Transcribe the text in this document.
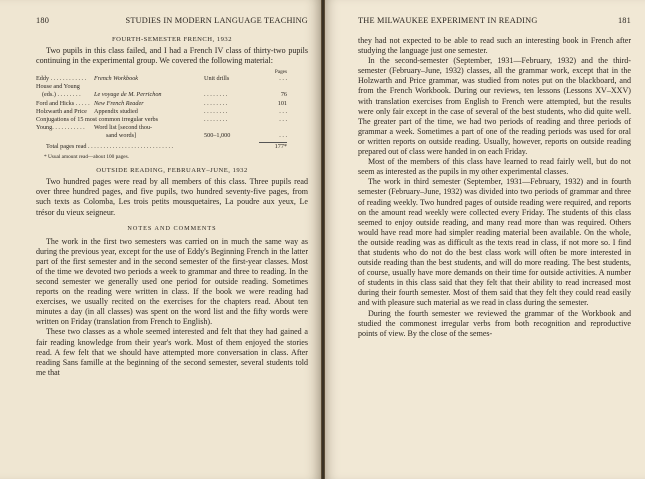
180	STUDIES IN MODERN LANGUAGE TEACHING
FOURTH-SEMESTER FRENCH, 1932

Two pupils in this class failed, and I had a French IV class of thirty-two pupils continuing in the experimental group. We covered the following material:

Pages
Eddy . . . . . . . . . . . .	French Workbook	Unit drills	. . .
House and Young
(eds.) . . . . . . . .	Le voyage de M. Perrichon	. . . . . . . .	76
Ford and Hicks . . . . . New French Reader	. . . . . . . .	101
Holzwarth and Price	Appendix studied	. . . . . . . .	. . .
Conjugations of 15 most common irregular verbs	. . . . . . . .	. . .
Young. . . . . . . . . . .	Word list [second thou-
sand words]	500–1,000	. . .
Total pages read . . . . . . . . . . . . . . . . . . . . . . . . . . . .	177*
* Usual amount read—about 100 pages.
OUTSIDE READING, FEBRUARY–JUNE, 1932

Two hundred pages were read by all members of this class. Three pupils read over three hundred pages, and five pupils, two hundred seventy-five pages, from such texts as Colomba, Les trois petits mousquetaires, La poudre aux yeux, Le trésor du vieux seigneur.

NOTES AND COMMENTS

The work in the first two semesters was carried on in much the same way as during the previous year, except for the use of Eddy's Beginning French in the latter part of the first semester and in the second semester of the first-year classes. Most of the time we devoted two periods a week to grammar and three to reading. In the second semester we generally used one period for outside reading. Sometimes reports on the reading were written in class. If the book we were reading had exercises, we usually recited on the exercises for the chapters read. About ten minutes a day (in all classes) was spent on the word list and the fifty words were written on Friday (translation from French to English).

These two classes as a whole seemed interested and felt that they had gained a fair reading knowledge from their year's work. Most of them enjoyed the stories read. A few felt that we should have attempted more conversation in class. After reading Sans famille at the beginning of the second semester, several students told me that

THE MILWAUKEE EXPERIMENT IN READING	181

they had not expected to be able to read such an interesting book in French after studying the language just one semester.

In the second-semester (September, 1931—February, 1932) and the third-semester (February–June, 1932) classes, all the grammar work, except that in the Holzwarth and Price grammar, was studied from notes put on the blackboard, and from the French Workbook. During our reviews, ten lessons (Lessons XV–XXV) with translation exercises from English to French were attempted, but the results were only fair except in the case of several of the best students, who did quite well. The greater part of the time, we had two periods of reading and three periods of grammar a week. Sometimes a part of one of the reading periods was used for oral or written reports on outside reading. Usually, however, reports on outside reading prepared out of class were handed in on each Friday.

Most of the members of this class have learned to read fairly well, but do not seem as interested as the pupils in my other experimental classes.

The work in third semester (September, 1931—February, 1932) and in fourth semester (February–June, 1932) was divided into two periods of grammar and three of reading weekly. Two hundred pages of outside reading were required, and reports on the amount read weekly were collected every Friday. The students of this class seemed to enjoy outside reading, and many read more than was required. Others would have read more had simpler reading material been available. On the whole, the outside reading was as difficult as the texts read in class, if not more so. I find that students who do not do the best class work will often be more interested in outside reading than the best students, and will do more reading. The best students, of course, usually have more demands on their time for outside activities. A number of students in this class said that they felt that their ability to read increased most during their fourth semester. Most of them said that they felt they could read easily and with pleasure such material as we read in class during the semester.

During the fourth semester we reviewed the grammar of the Workbook and studied the commonest irregular verbs from both recognition and reproductive points of view. By the close of the semes-
